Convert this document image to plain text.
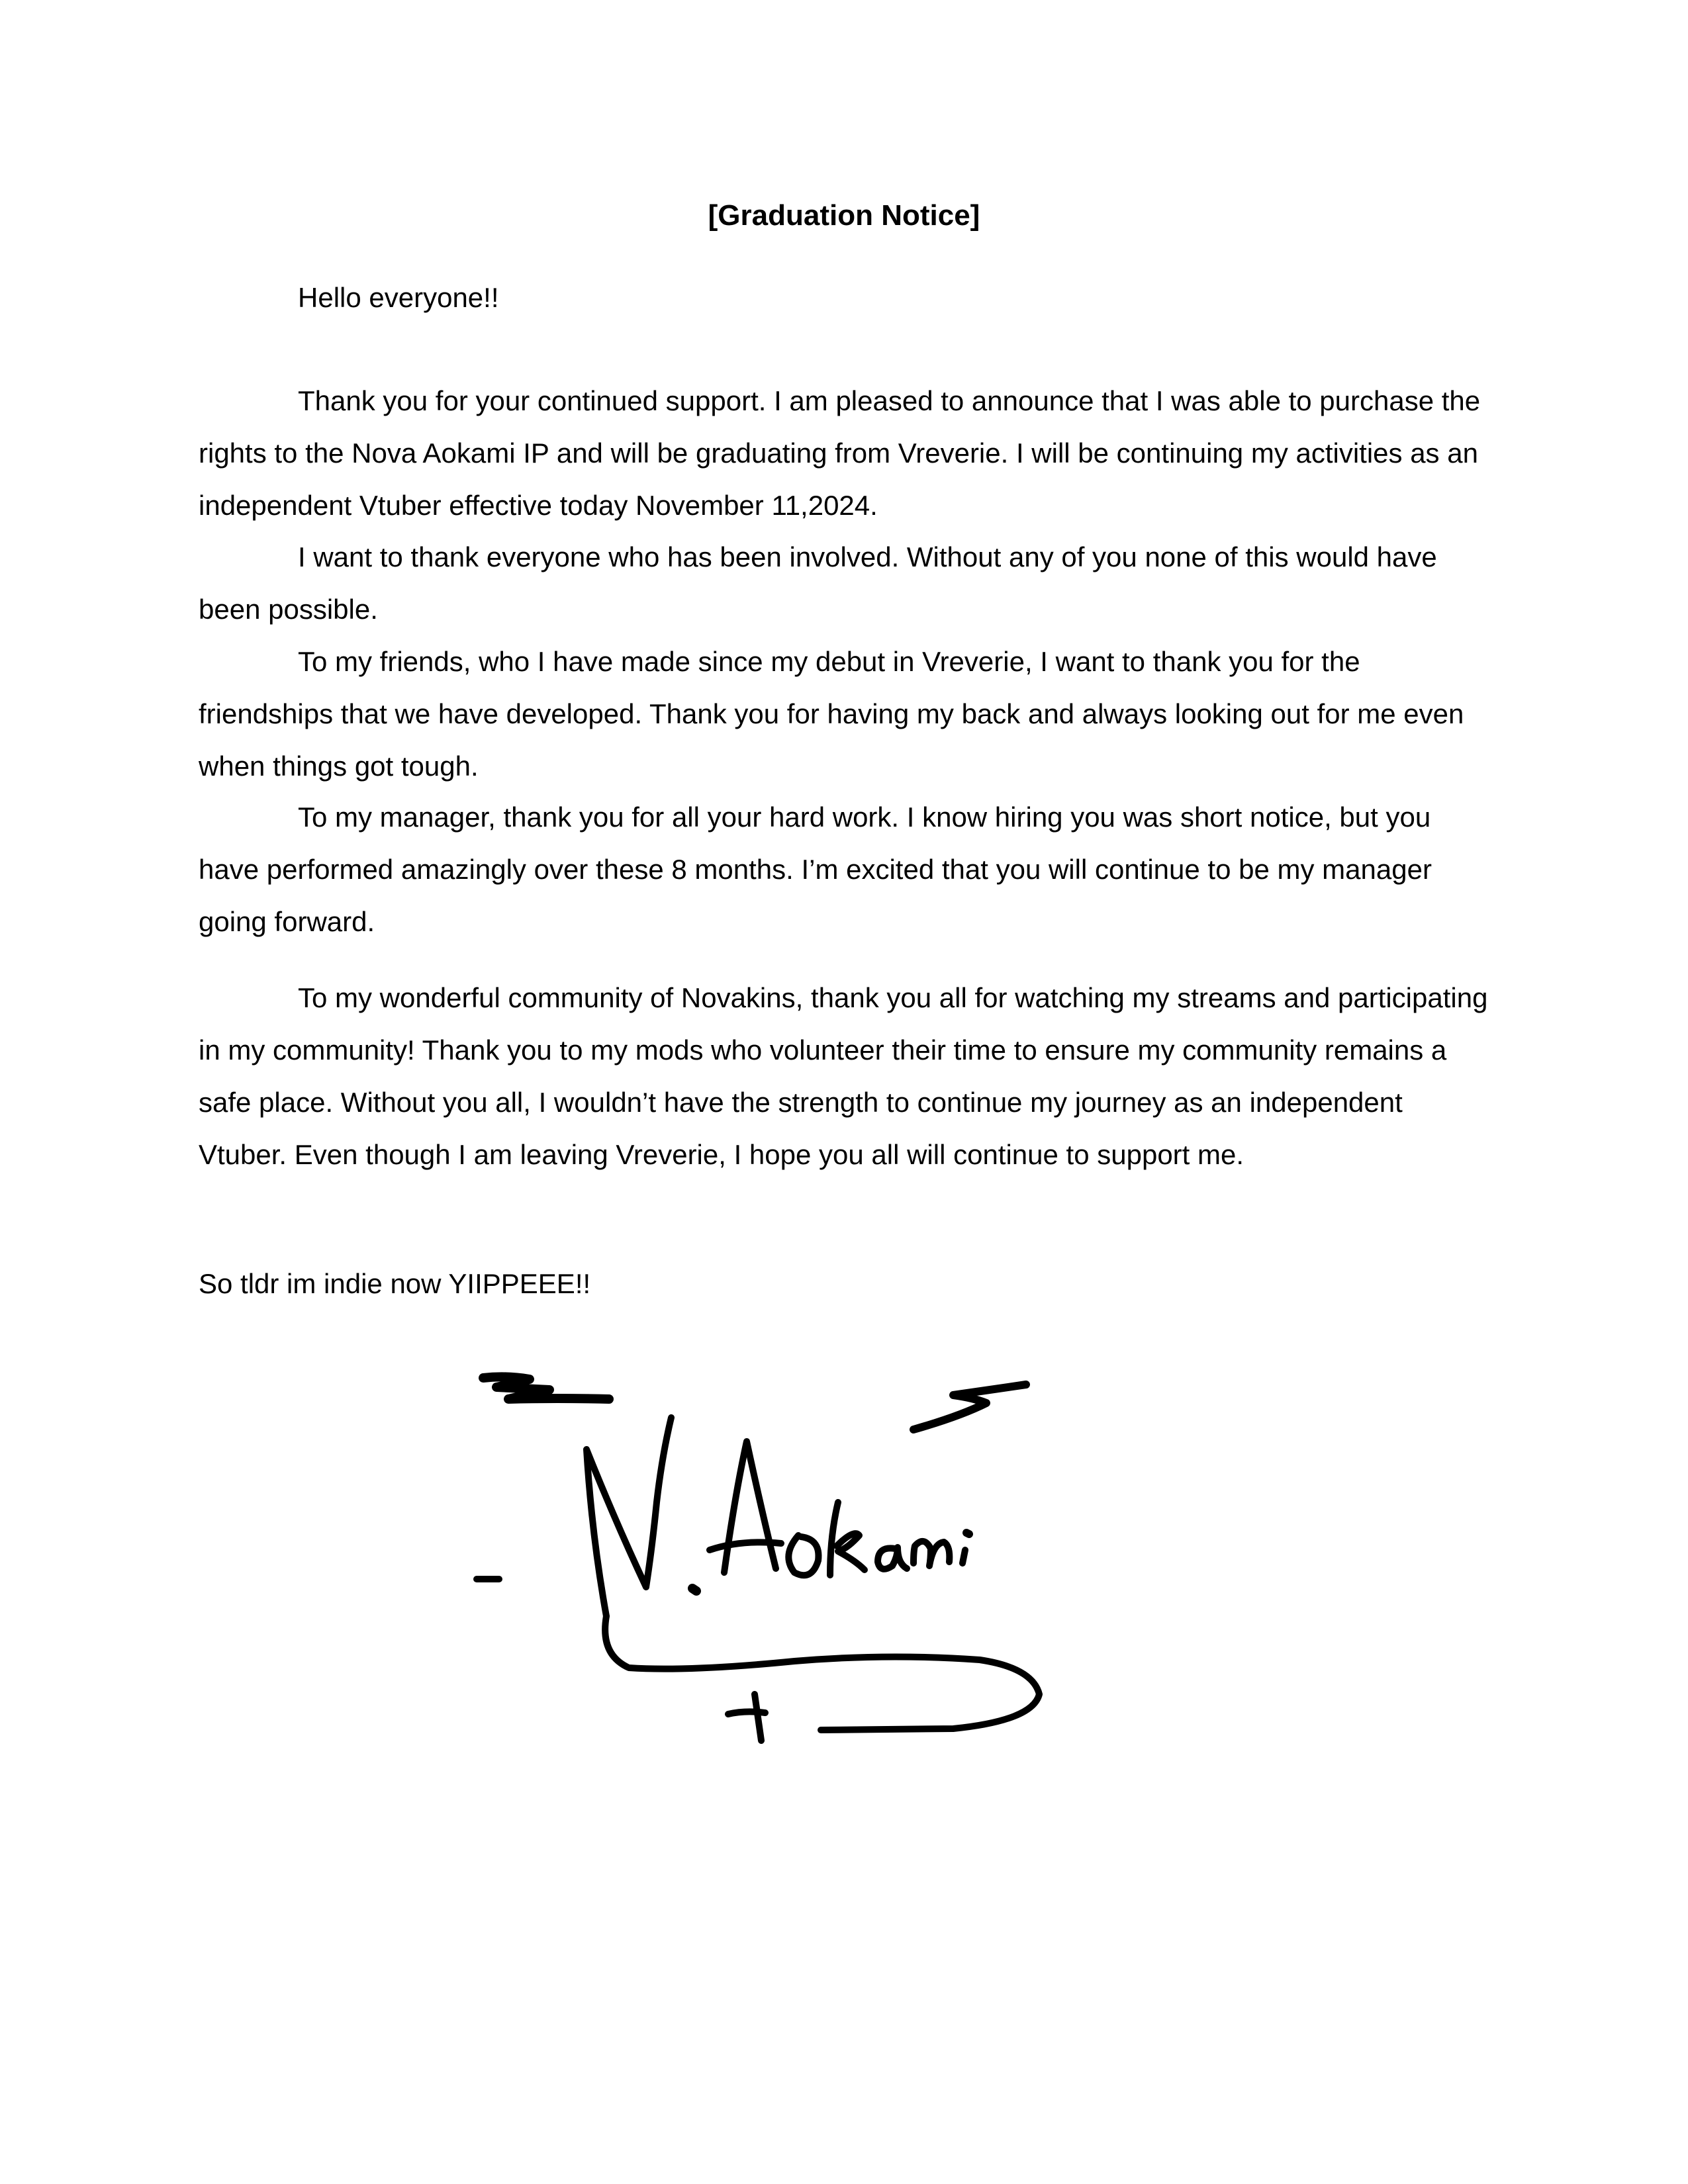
[Graduation Notice]

Hello everyone!!

Thank you for your continued support. I am pleased to announce that I was able to purchase the rights to the Nova Aokami IP and will be graduating from Vreverie. I will be continuing my activities as an independent Vtuber effective today November 11,2024.

I want to thank everyone who has been involved. Without any of you none of this would have been possible.

To my friends, who I have made since my debut in Vreverie, I want to thank you for the friendships that we have developed. Thank you for having my back and always looking out for me even when things got tough.

To my manager, thank you for all your hard work. I know hiring you was short notice, but you have performed amazingly over these 8 months. I’m excited that you will continue to be my manager going forward.

To my wonderful community of Novakins, thank you all for watching my streams and participating in my community! Thank you to my mods who volunteer their time to ensure my community remains a safe place. Without you all, I wouldn’t have the strength to continue my journey as an independent Vtuber. Even though I am leaving Vreverie, I hope you all will continue to support me.

So tldr im indie now YIIPPEEE!!
